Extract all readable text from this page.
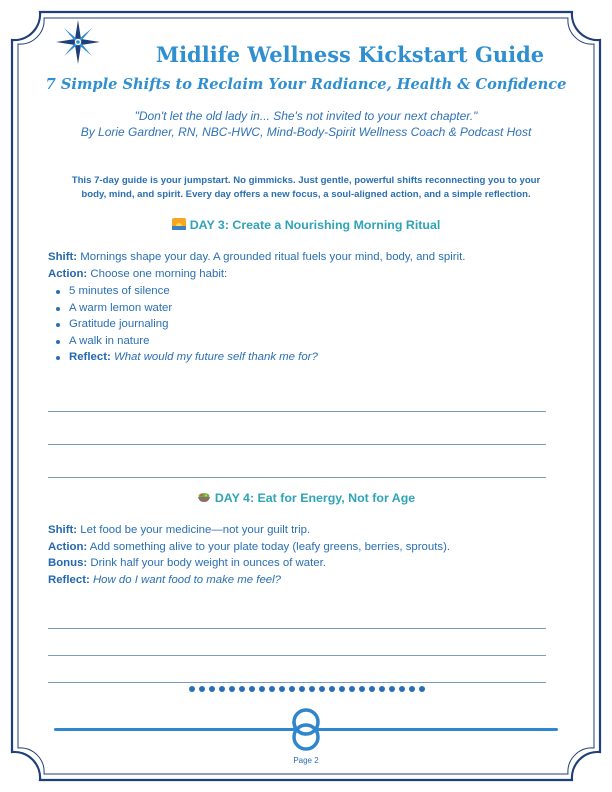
Midlife Wellness Kickstart Guide
7 Simple Shifts to Reclaim Your Radiance, Health & Confidence
"Don't let the old lady in... She's not invited to your next chapter."
By Lorie Gardner, RN, NBC-HWC, Mind-Body-Spirit Wellness Coach & Podcast Host
This 7-day guide is your jumpstart. No gimmicks. Just gentle, powerful shifts reconnecting you to your
body, mind, and spirit. Every day offers a new focus, a soul-aligned action, and a simple reflection.
DAY 3: Create a Nourishing Morning Ritual
Shift: Mornings shape your day. A grounded ritual fuels your mind, body, and spirit.
Action: Choose one morning habit:
5 minutes of silence
A warm lemon water
Gratitude journaling
A walk in nature
Reflect: What would my future self thank me for?
DAY 4: Eat for Energy, Not for Age
Shift: Let food be your medicine—not your guilt trip.
Action: Add something alive to your plate today (leafy greens, berries, sprouts).
Bonus: Drink half your body weight in ounces of water.
Reflect: How do I want food to make me feel?
Page 2
